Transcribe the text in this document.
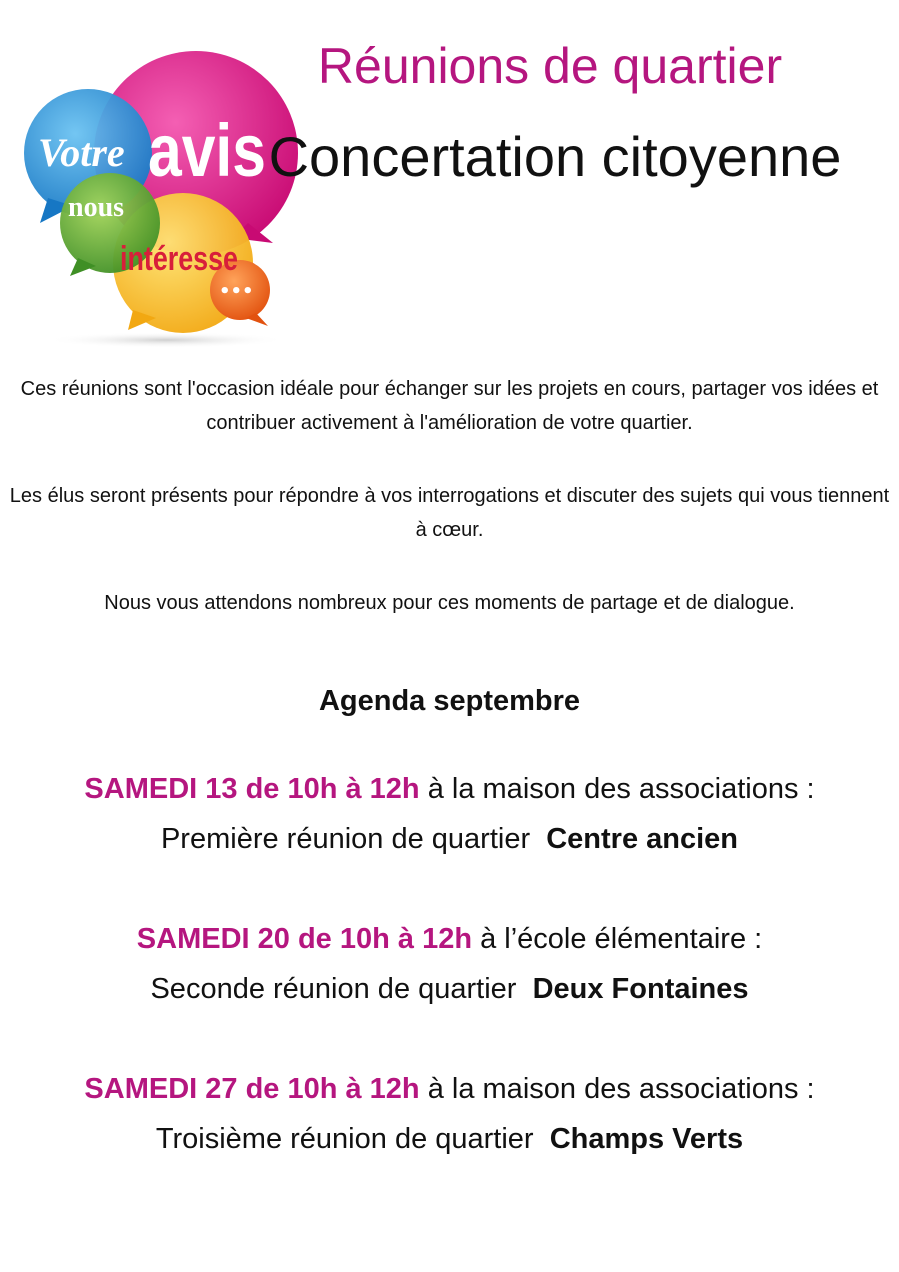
Votre avis
nous
intéresse
•••
Réunions de quartier
Concertation citoyenne

Ces réunions sont l'occasion idéale pour échanger sur les projets en cours, partager vos idées et contribuer activement à l'amélioration de votre quartier.

Les élus seront présents pour répondre à vos interrogations et discuter des sujets qui vous tiennent à cœur.

Nous vous attendons nombreux pour ces moments de partage et de dialogue.

Agenda septembre
SAMEDI 13 de 10h à 12h à la maison des associations :
Première réunion de quartier  Centre ancien
SAMEDI 20 de 10h à 12h à l’école élémentaire :
Seconde réunion de quartier  Deux Fontaines
SAMEDI 27 de 10h à 12h à la maison des associations :
Troisième réunion de quartier  Champs Verts
